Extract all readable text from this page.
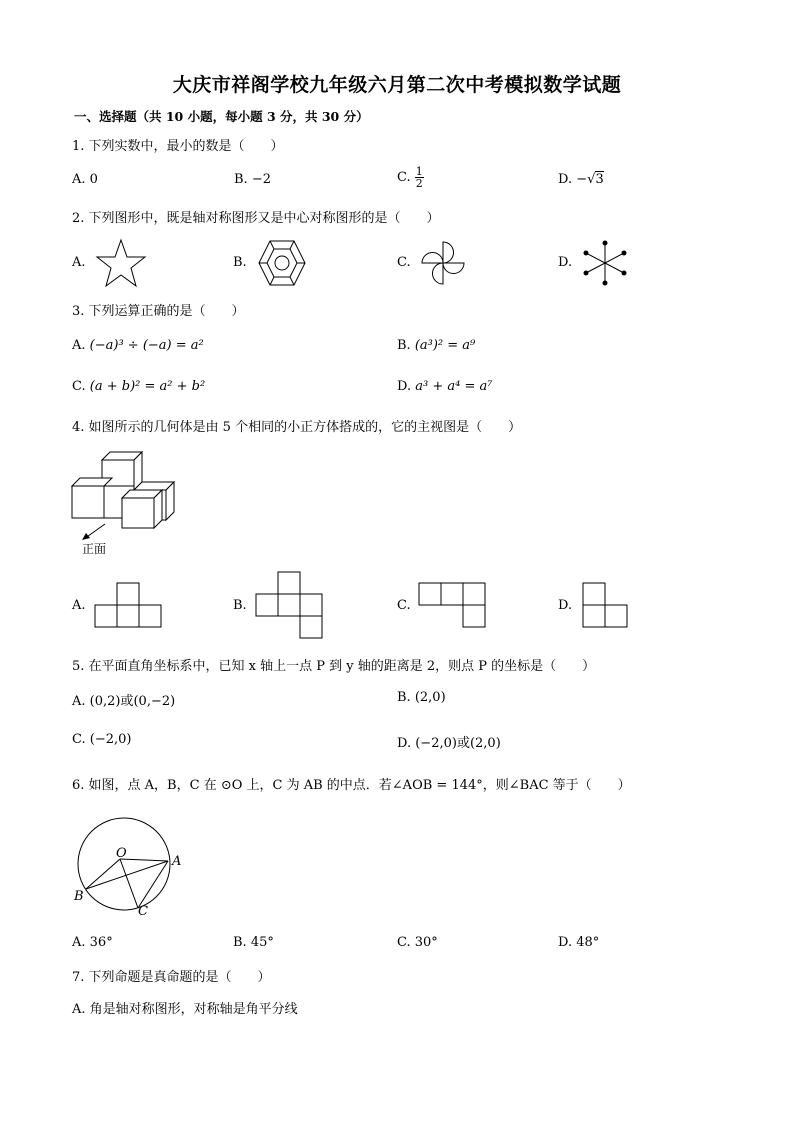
大庆市祥阁学校九年级六月第二次中考模拟数学试题
一、选择题（共 10 小题，每小题 3 分，共 30 分）
1. 下列实数中，最小的数是（　　）
A. 0	B. −2	C. $\frac{1}{2}$	D. −√3
2. 下列图形中，既是轴对称图形又是中心对称图形的是（　　）
A.	B.	C.	D.
3. 下列运算正确的是（　　）
A. (−a)³ ÷ (−a) = a²	B. (a³)² = a⁹
C. (a + b)² = a² + b²	D. a³ + a⁴ = a⁷
4. 如图所示的几何体是由 5 个相同的小正方体搭成的，它的主视图是（　　）
正面
A.	B.	C.	D.
5. 在平面直角坐标系中，已知 x 轴上一点 P 到 y 轴的距离是 2，则点 P 的坐标是（　　）
A. (0,2)或(0,−2)	B. (2,0)
C. (−2,0)	D. (−2,0)或(2,0)
6. 如图，点 A，B，C 在 ⊙O 上，C 为 AB 的中点．若∠AOB = 144°，则∠BAC 等于（　　）
O
A
B
C
A. 36°	B. 45°	C. 30°	D. 48°
7. 下列命题是真命题的是（　　）
A. 角是轴对称图形，对称轴是角平分线
